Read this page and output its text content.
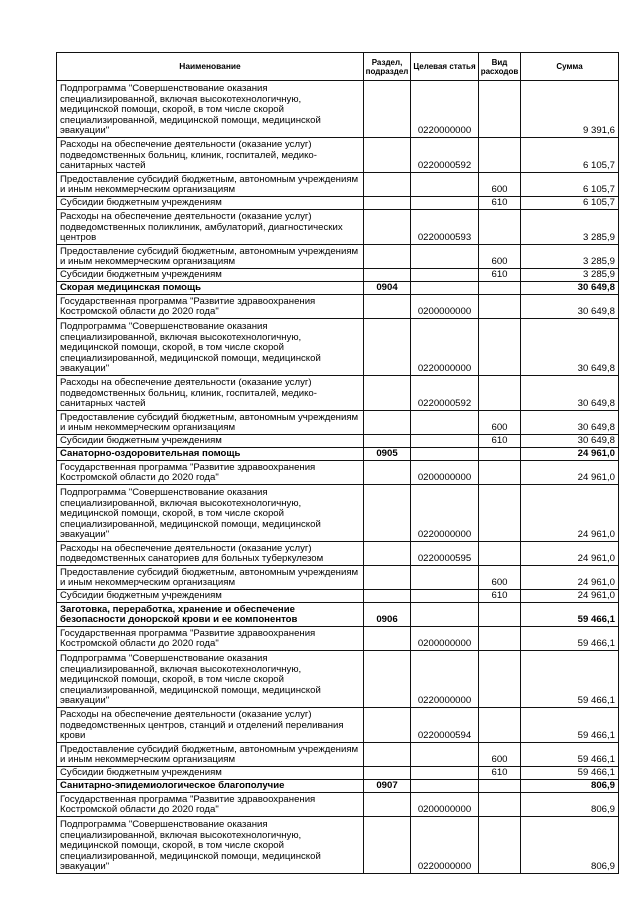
Наименование	Раздел, подраздел	Целевая статья	Вид расходов	Сумма
Подпрограмма "Совершенствование оказания специализированной, включая высокотехнологичную, медицинской помощи, скорой, в том числе скорой специализированной, медицинской помощи, медицинской эвакуации"		0220000000		9 391,6
Расходы на обеспечение деятельности (оказание услуг) подведомственных больниц, клиник, госпиталей, медико-санитарных частей		0220000592		6 105,7
Предоставление субсидий бюджетным, автономным учреждениям и иным некоммерческим организациям			600	6 105,7
Субсидии бюджетным учреждениям			610	6 105,7
Расходы на обеспечение деятельности (оказание услуг) подведомственных поликлиник, амбулаторий, диагностических центров		0220000593		3 285,9
Предоставление субсидий бюджетным, автономным учреждениям и иным некоммерческим организациям			600	3 285,9
Субсидии бюджетным учреждениям			610	3 285,9
Скорая медицинская помощь	0904			30 649,8
Государственная программа "Развитие здравоохранения Костромской области до 2020 года"		0200000000		30 649,8
Подпрограмма "Совершенствование оказания специализированной, включая высокотехнологичную, медицинской помощи, скорой, в том числе скорой специализированной, медицинской помощи, медицинской эвакуации"		0220000000		30 649,8
Расходы на обеспечение деятельности (оказание услуг) подведомственных больниц, клиник, госпиталей, медико-санитарных частей		0220000592		30 649,8
Предоставление субсидий бюджетным, автономным учреждениям и иным некоммерческим организациям			600	30 649,8
Субсидии бюджетным учреждениям			610	30 649,8
Санаторно-оздоровительная помощь	0905			24 961,0
Государственная программа "Развитие здравоохранения Костромской области до 2020 года"		0200000000		24 961,0
Подпрограмма "Совершенствование оказания специализированной, включая высокотехнологичную, медицинской помощи, скорой, в том числе скорой специализированной, медицинской помощи, медицинской эвакуации"		0220000000		24 961,0
Расходы на обеспечение деятельности (оказание услуг) подведомственных санаториев для больных туберкулезом		0220000595		24 961,0
Предоставление субсидий бюджетным, автономным учреждениям и иным некоммерческим организациям			600	24 961,0
Субсидии бюджетным учреждениям			610	24 961,0
Заготовка, переработка, хранение и обеспечение безопасности донорской крови и ее компонентов	0906			59 466,1
Государственная программа "Развитие здравоохранения Костромской области до 2020 года"		0200000000		59 466,1
Подпрограмма "Совершенствование оказания специализированной, включая высокотехнологичную, медицинской помощи, скорой, в том числе скорой специализированной, медицинской помощи, медицинской эвакуации"		0220000000		59 466,1
Расходы на обеспечение деятельности (оказание услуг) подведомственных центров, станций и отделений переливания крови		0220000594		59 466,1
Предоставление субсидий бюджетным, автономным учреждениям и иным некоммерческим организациям			600	59 466,1
Субсидии бюджетным учреждениям			610	59 466,1
Санитарно-эпидемиологическое благополучие	0907			806,9
Государственная программа "Развитие здравоохранения Костромской области до 2020 года"		0200000000		806,9
Подпрограмма "Совершенствование оказания специализированной, включая высокотехнологичную, медицинской помощи, скорой, в том числе скорой специализированной, медицинской помощи, медицинской эвакуации"		0220000000		806,9
